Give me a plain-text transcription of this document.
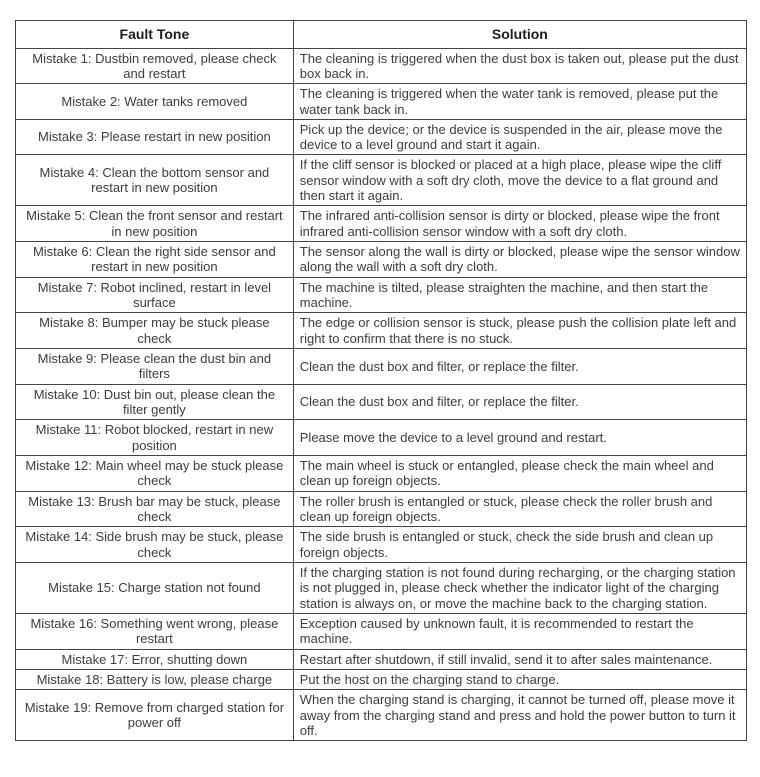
Fault Tone	Solution
Mistake 1: Dustbin removed, please check and restart	The cleaning is triggered when the dust box is taken out, please put the dust box back in.
Mistake 2: Water tanks removed	The cleaning is triggered when the water tank is removed, please put the water tank back in.
Mistake 3: Please restart in new position	Pick up the device; or the device is suspended in the air, please move the device to a level ground and start it again.
Mistake 4: Clean the bottom sensor and restart in new position	If the cliff sensor is blocked or placed at a high place, please wipe the cliff sensor window with a soft dry cloth, move the device to a flat ground and then start it again.
Mistake 5: Clean the front sensor and restart in new position	The infrared anti-collision sensor is dirty or blocked, please wipe the front infrared anti-collision sensor window with a soft dry cloth.
Mistake 6: Clean the right side sensor and restart in new position	The sensor along the wall is dirty or blocked, please wipe the sensor window along the wall with a soft dry cloth.
Mistake 7: Robot inclined, restart in level surface	The machine is tilted, please straighten the machine, and then start the machine.
Mistake 8: Bumper may be stuck please check	The edge or collision sensor is stuck, please push the collision plate left and right to confirm that there is no stuck.
Mistake 9: Please clean the dust bin and filters	Clean the dust box and filter, or replace the filter.
Mistake 10: Dust bin out, please clean the filter gently	Clean the dust box and filter, or replace the filter.
Mistake 11: Robot blocked, restart in new position	Please move the device to a level ground and restart.
Mistake 12: Main wheel may be stuck please check	The main wheel is stuck or entangled, please check the main wheel and clean up foreign objects.
Mistake 13: Brush bar may be stuck, please check	The roller brush is entangled or stuck, please check the roller brush and clean up foreign objects.
Mistake 14: Side brush may be stuck, please check	The side brush is entangled or stuck, check the side brush and clean up foreign objects.
Mistake 15: Charge station not found	If the charging station is not found during recharging, or the charging station is not plugged in, please check whether the indicator light of the charging station is always on, or move the machine back to the charging station.
Mistake 16: Something went wrong, please restart	Exception caused by unknown fault, it is recommended to restart the machine.
Mistake 17: Error, shutting down	Restart after shutdown, if still invalid, send it to after sales maintenance.
Mistake 18: Battery is low, please charge	Put the host on the charging stand to charge.
Mistake 19: Remove from charged station for power off	When the charging stand is charging, it cannot be turned off, please move it away from the charging stand and press and hold the power button to turn it off.
